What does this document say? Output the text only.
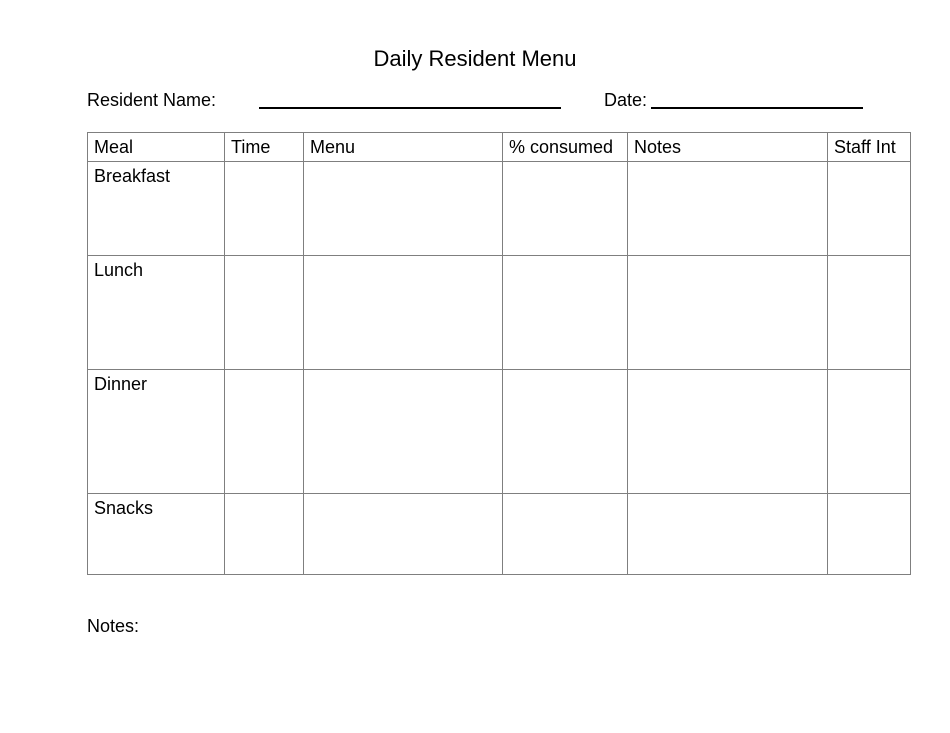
Daily Resident Menu
Resident Name:	Date:
Meal	Time	Menu	% consumed	Notes	Staff Int
Breakfast					
Lunch					
Dinner					
Snacks					
Notes:
